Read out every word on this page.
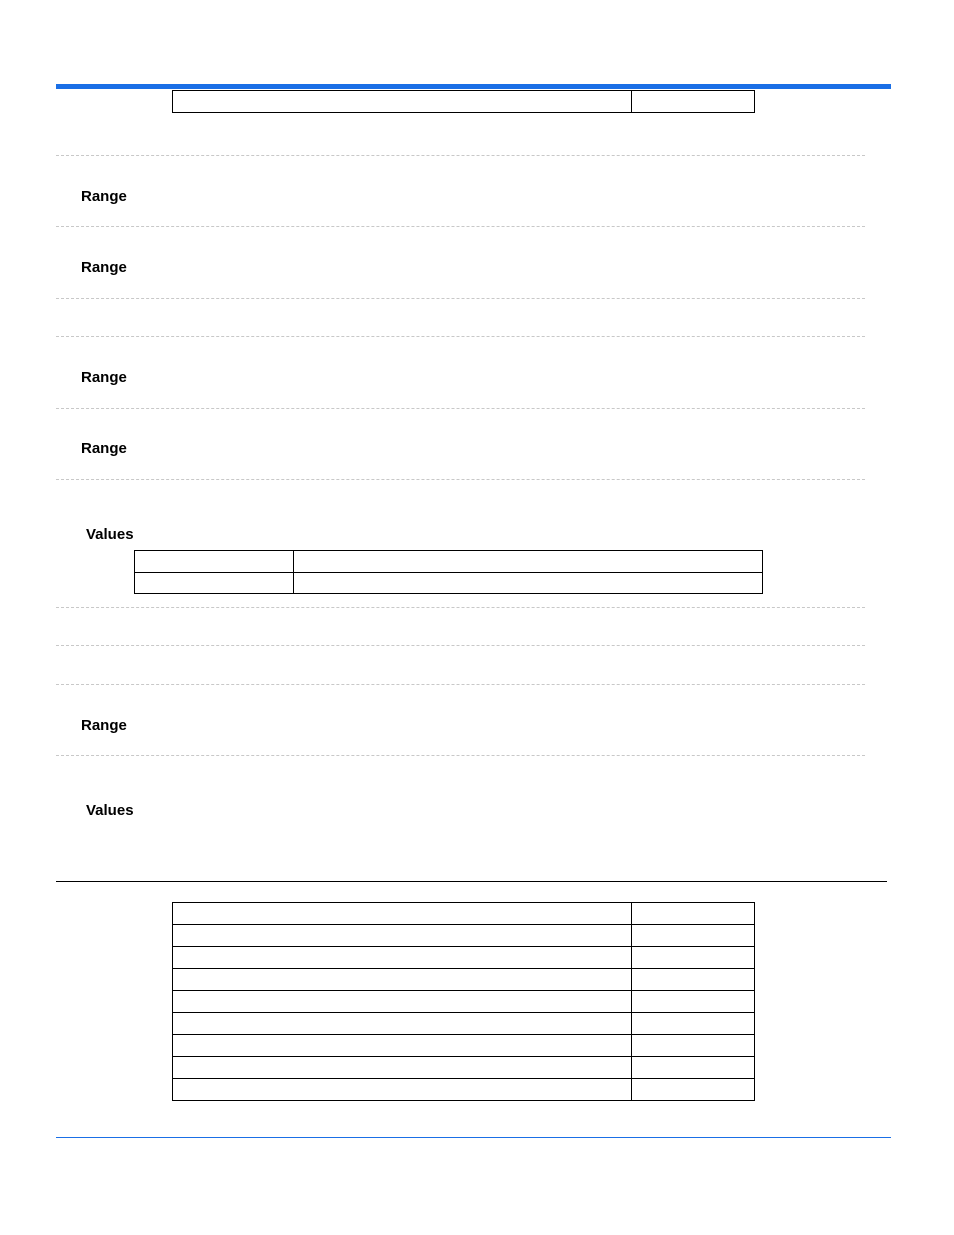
Range
Range
Range
Range
Values

Range
Values
